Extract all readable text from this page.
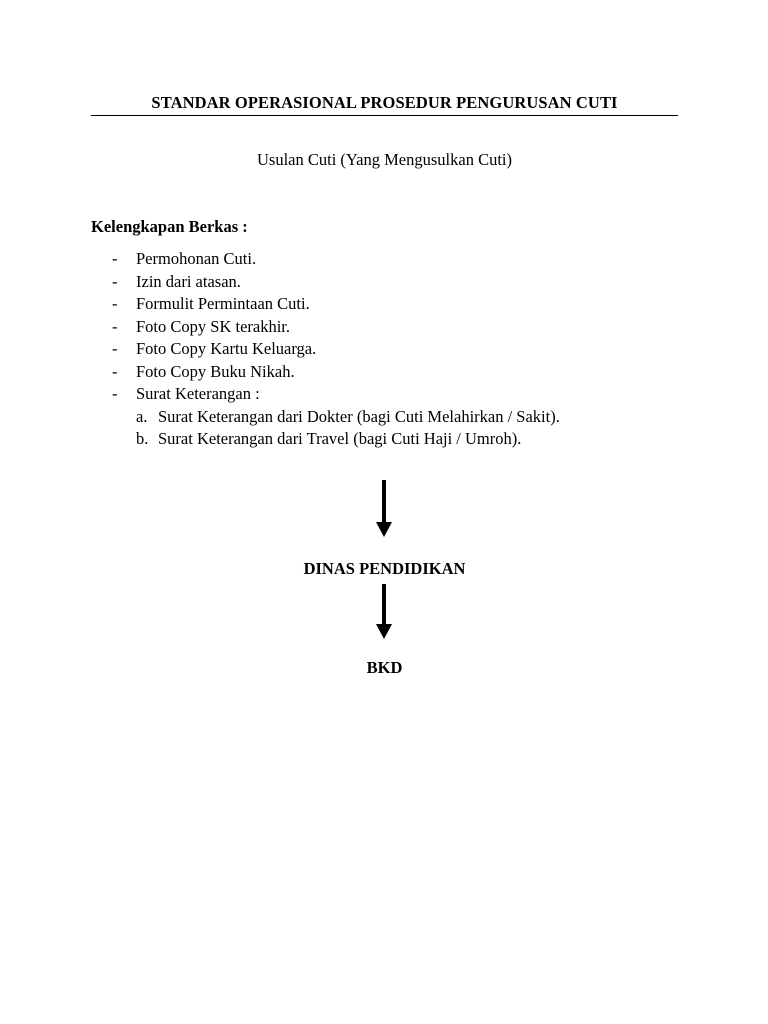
STANDAR OPERASIONAL PROSEDUR PENGURUSAN CUTI
Usulan Cuti (Yang Mengusulkan Cuti)
Kelengkapan Berkas :
- Permohonan Cuti.
- Izin dari atasan.
- Formulit Permintaan Cuti.
- Foto Copy SK terakhir.
- Foto Copy Kartu Keluarga.
- Foto Copy Buku Nikah.
- Surat Keterangan :
a. Surat Keterangan dari Dokter (bagi Cuti Melahirkan / Sakit).
b. Surat Keterangan dari Travel (bagi Cuti Haji / Umroh).
DINAS PENDIDIKAN
BKD
